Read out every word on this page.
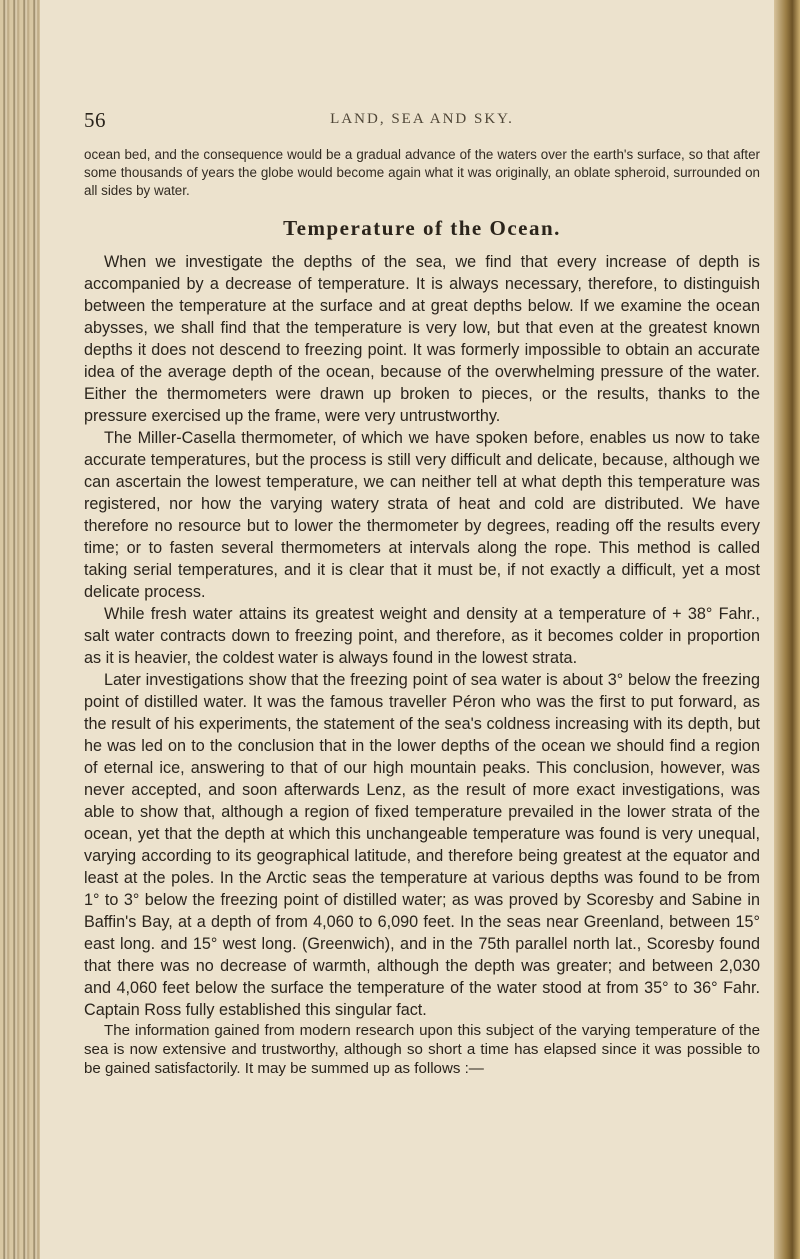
56	LAND, SEA AND SKY.

ocean bed, and the consequence would be a gradual advance of the waters over the earth's surface, so that after some thousands of years the globe would become again what it was originally, an oblate spheroid, surrounded on all sides by water.

Temperature of the Ocean.

When we investigate the depths of the sea, we find that every increase of depth is accompanied by a decrease of temperature. It is always necessary, therefore, to distinguish between the temperature at the surface and at great depths below. If we examine the ocean abysses, we shall find that the temperature is very low, but that even at the greatest known depths it does not descend to freezing point. It was formerly impossible to obtain an accurate idea of the average depth of the ocean, because of the overwhelming pressure of the water. Either the thermometers were drawn up broken to pieces, or the results, thanks to the pressure exercised up the frame, were very untrustworthy.

The Miller-Casella thermometer, of which we have spoken before, enables us now to take accurate temperatures, but the process is still very difficult and delicate, because, although we can ascertain the lowest temperature, we can neither tell at what depth this temperature was registered, nor how the varying watery strata of heat and cold are distributed. We have therefore no resource but to lower the thermometer by degrees, reading off the results every time; or to fasten several thermometers at intervals along the rope. This method is called taking serial temperatures, and it is clear that it must be, if not exactly a difficult, yet a most delicate process.

While fresh water attains its greatest weight and density at a temperature of + 38° Fahr., salt water contracts down to freezing point, and therefore, as it becomes colder in proportion as it is heavier, the coldest water is always found in the lowest strata.

Later investigations show that the freezing point of sea water is about 3° below the freezing point of distilled water. It was the famous traveller Péron who was the first to put forward, as the result of his experiments, the statement of the sea's coldness increasing with its depth, but he was led on to the conclusion that in the lower depths of the ocean we should find a region of eternal ice, answering to that of our high mountain peaks. This conclusion, however, was never accepted, and soon afterwards Lenz, as the result of more exact investigations, was able to show that, although a region of fixed temperature prevailed in the lower strata of the ocean, yet that the depth at which this unchangeable temperature was found is very unequal, varying according to its geographical latitude, and therefore being greatest at the equator and least at the poles. In the Arctic seas the temperature at various depths was found to be from 1° to 3° below the freezing point of distilled water; as was proved by Scoresby and Sabine in Baffin's Bay, at a depth of from 4,060 to 6,090 feet. In the seas near Greenland, between 15° east long. and 15° west long. (Greenwich), and in the 75th parallel north lat., Scoresby found that there was no decrease of warmth, although the depth was greater; and between 2,030 and 4,060 feet below the surface the temperature of the water stood at from 35° to 36° Fahr. Captain Ross fully established this singular fact.

The information gained from modern research upon this subject of the varying temperature of the sea is now extensive and trustworthy, although so short a time has elapsed since it was possible to be gained satisfactorily. It may be summed up as follows :—
